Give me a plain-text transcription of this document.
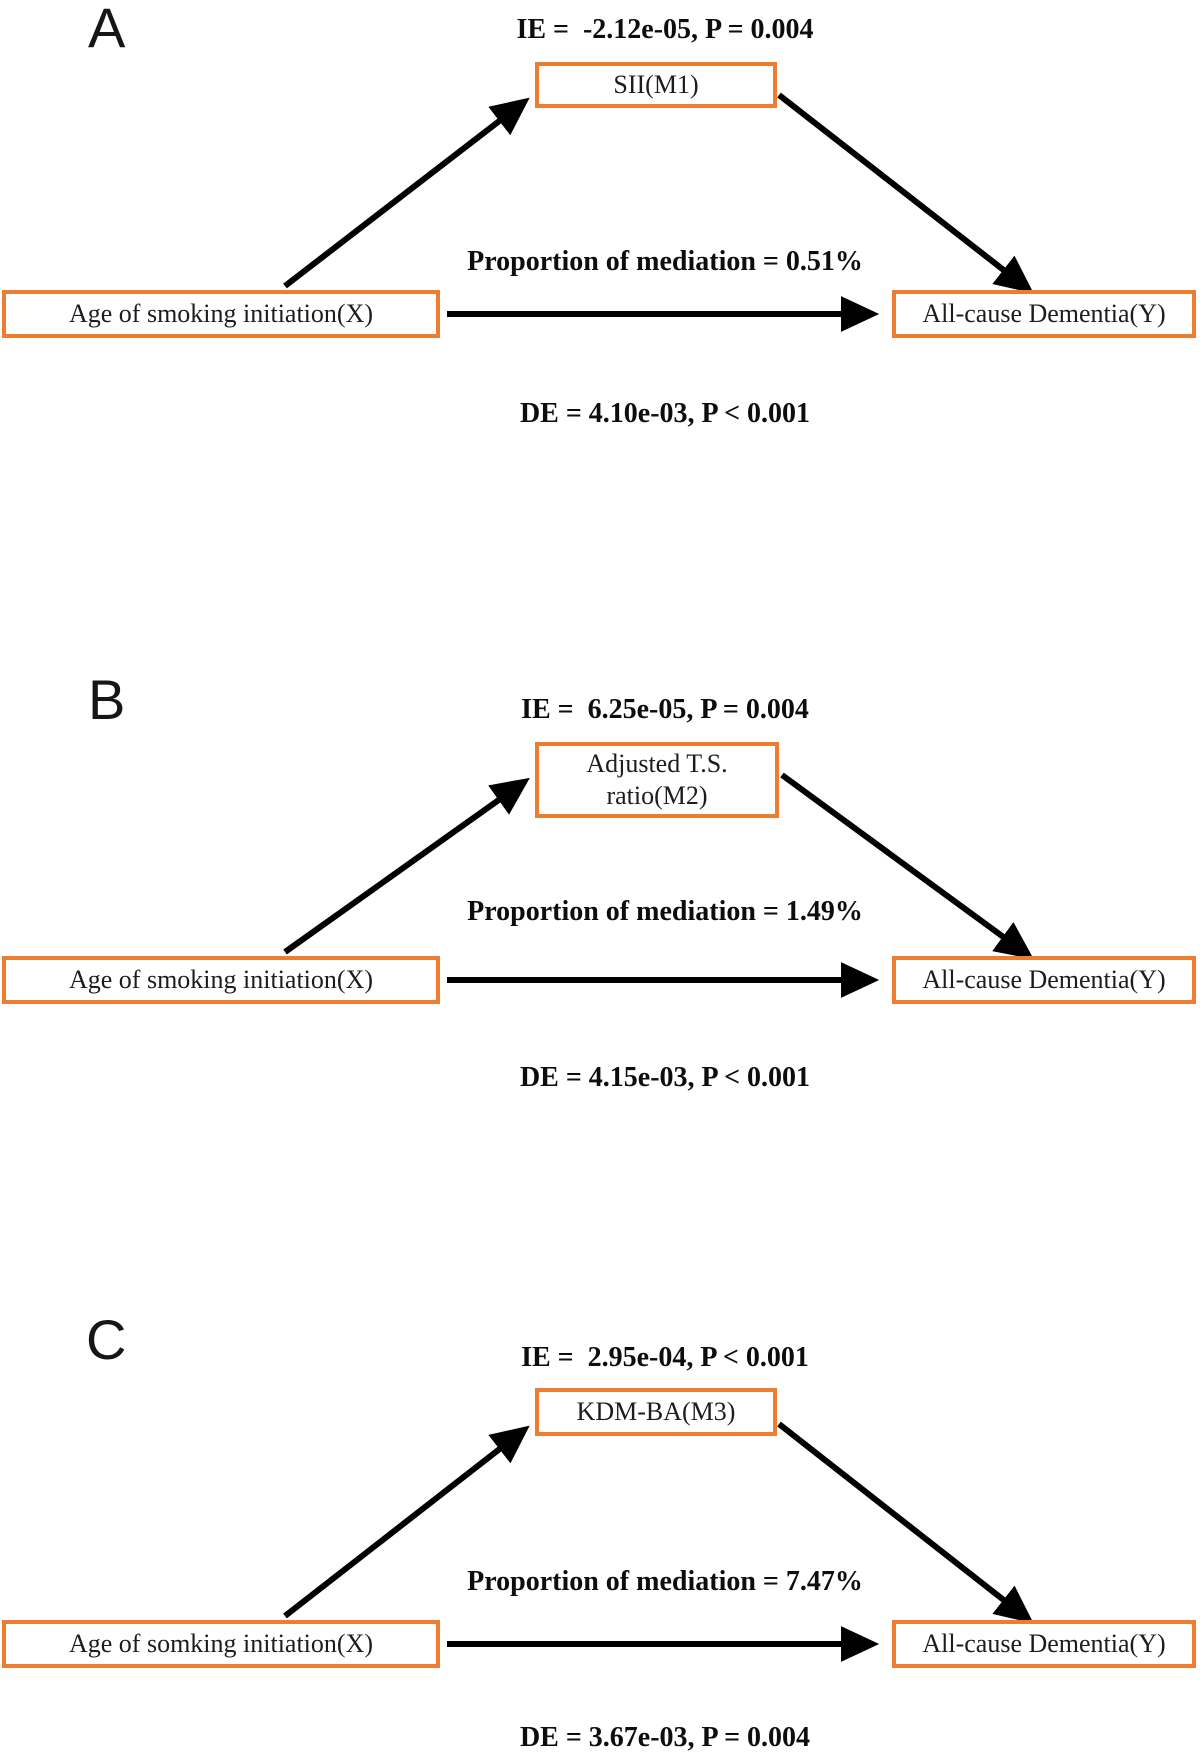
A	IE =  -2.12e-05, P = 0.004
SII(M1)
Proportion of mediation = 0.51%
Age of smoking initiation(X)	All-cause Dementia(Y)
DE = 4.10e-03, P < 0.001
B	IE =  6.25e-05, P = 0.004
Adjusted T.S.
ratio(M2)
Proportion of mediation = 1.49%
Age of smoking initiation(X)	All-cause Dementia(Y)
DE = 4.15e-03, P < 0.001
C	IE =  2.95e-04, P < 0.001
KDM-BA(M3)
Proportion of mediation = 7.47%
Age of somking initiation(X)	All-cause Dementia(Y)
DE = 3.67e-03, P = 0.004
